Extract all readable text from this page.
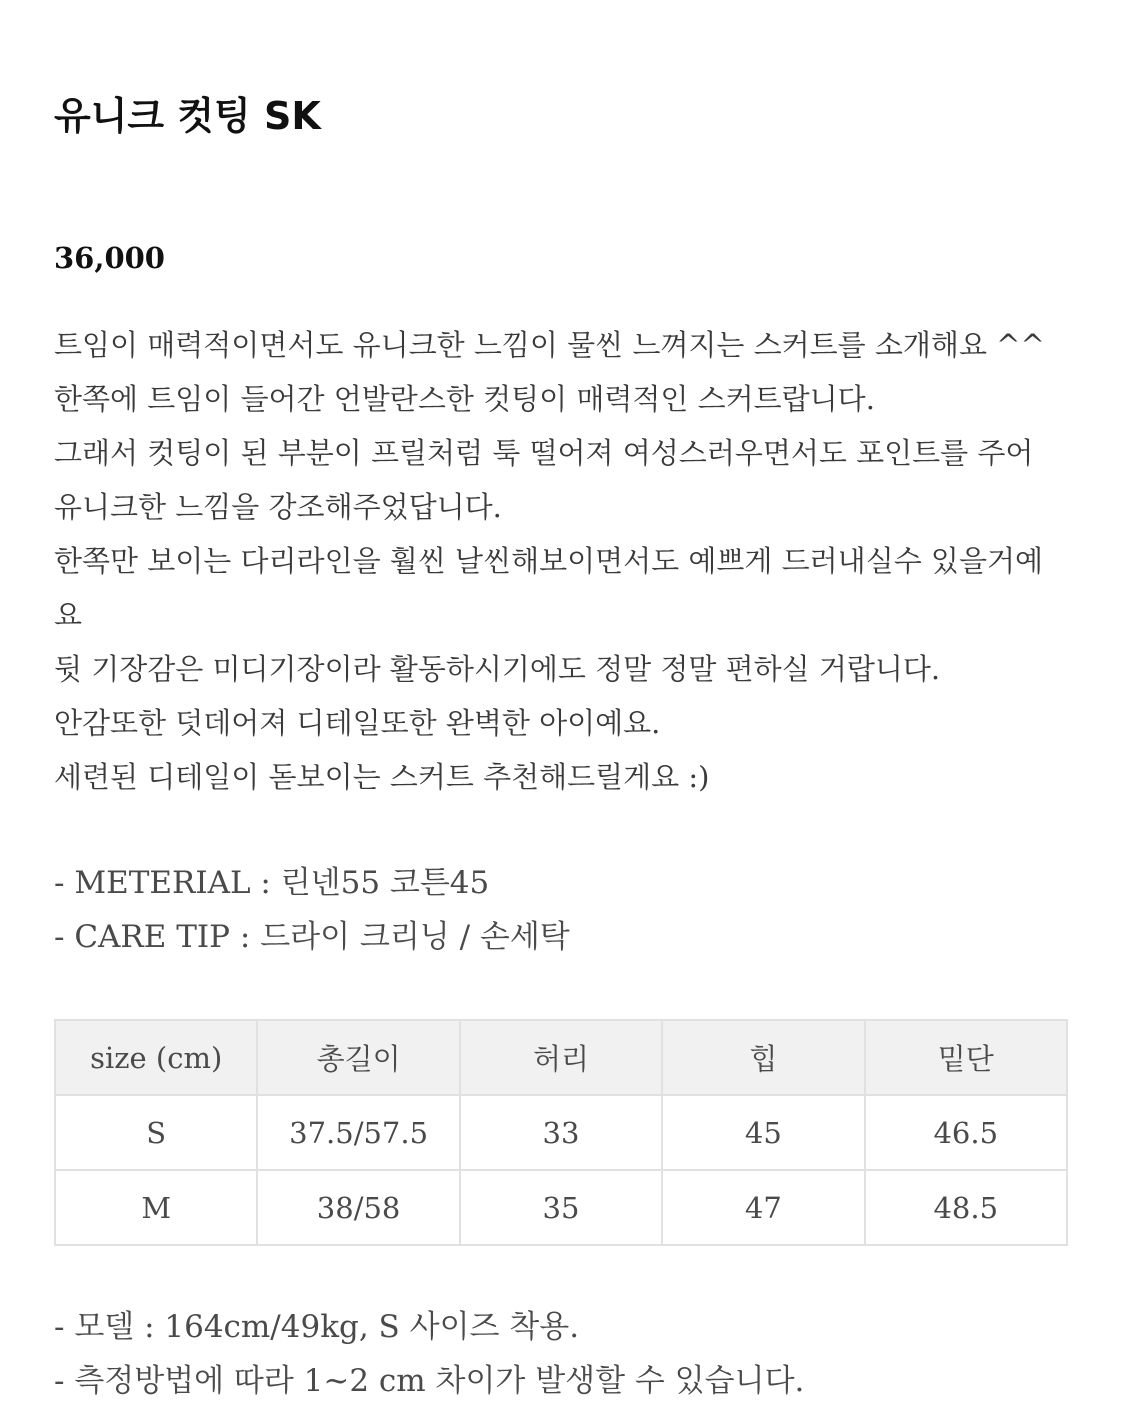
유니크 컷팅 SK
36,000
트임이 매력적이면서도 유니크한 느낌이 물씬 느껴지는 스커트를 소개해요 ^^
한쪽에 트임이 들어간 언발란스한 컷팅이 매력적인 스커트랍니다.
그래서 컷팅이 된 부분이 프릴처럼 툭 떨어져 여성스러우면서도 포인트를 주어
유니크한 느낌을 강조해주었답니다.
한쪽만 보이는 다리라인을 훨씬 날씬해보이면서도 예쁘게 드러내실수 있을거예
요
뒷 기장감은 미디기장이라 활동하시기에도 정말 정말 편하실 거랍니다.
안감또한 덧데어져 디테일또한 완벽한 아이예요.
세련된 디테일이 돋보이는 스커트 추천해드릴게요 :)
- METERIAL : 린넨55 코튼45
- CARE TIP : 드라이 크리닝 / 손세탁
size (cm)	총길이	허리	힙	밑단
S	37.5/57.5	33	45	46.5
M	38/58	35	47	48.5
- 모델 : 164cm/49kg, S 사이즈 착용.
- 측정방법에 따라 1~2 cm 차이가 발생할 수 있습니다.
